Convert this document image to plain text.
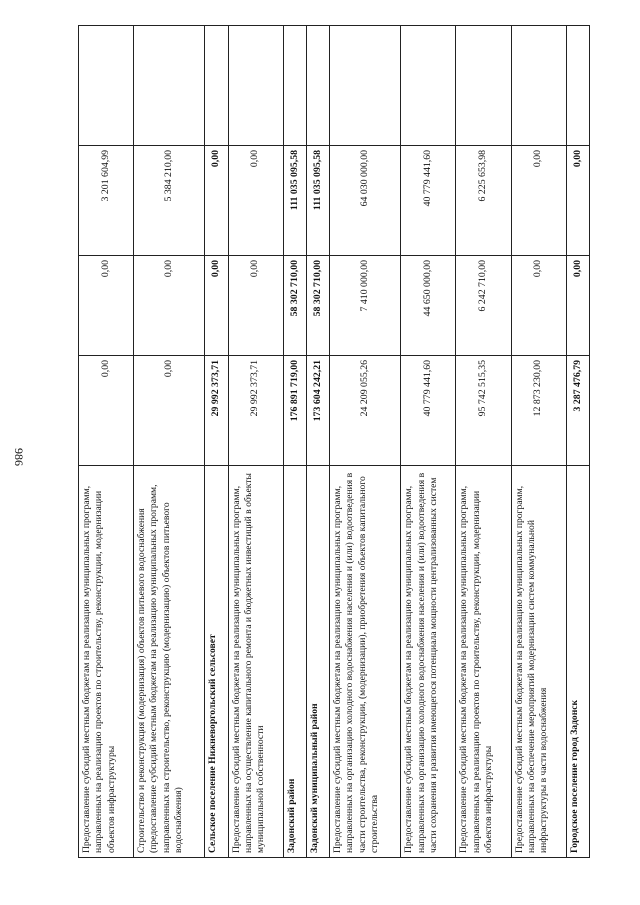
986
Предоставление субсидий местным бюджетам на реализацию муниципальных программ, направленных на реализацию проектов по строительству, реконструкции, модернизации объектов инфраструктуры	0,00	0,00	3 201 604,99	
Строительство и реконструкция (модернизация) объектов питьевого водоснабжения (предоставление субсидий местным бюджетам на реализацию муниципальных программ, направленных на строительство, реконструкцию (модернизацию) объектов питьевого водоснабжения)	0,00	0,00	5 384 210,00	
Сельское поселение Нижневоргольский сельсовет	29 992 373,71	0,00	0,00	
Предоставление субсидий местным бюджетам на реализацию муниципальных программ, направленных на осуществление капитального ремонта и бюджетных инвестиций в объекты муниципальной собственности	29 992 373,71	0,00	0,00	
Задонский район	176 891 719,00	58 302 710,00	111 035 095,58	
Задонский муниципальный район	173 604 242,21	58 302 710,00	111 035 095,58	
Предоставление субсидий местным бюджетам на реализацию муниципальных программ, направленных на организацию холодного водоснабжения населения и (или) водоотведения в части строительства, реконструкции, (модернизации), приобретения объектов капитального строительства	24 209 055,26	7 410 000,00	64 030 000,00	
Предоставление субсидий местным бюджетам на реализацию муниципальных программ, направленных на организацию холодного водоснабжения населения и (или) водоотведения в части сохранения и развития имеющегося потенциала мощности централизованных систем	40 779 441,60	44 650 000,00	40 779 441,60	
Предоставление субсидий местным бюджетам на реализацию муниципальных программ, направленных на реализацию проектов по строительству, реконструкции, модернизации объектов инфраструктуры	95 742 515,35	6 242 710,00	6 225 653,98	
Предоставление субсидий местным бюджетам на реализацию муниципальных программ, направленных на обеспечение мероприятий модернизации систем коммунальной инфраструктуры в части водоснабжения	12 873 230,00	0,00	0,00	
Городское поселение город Задонск	3 287 476,79	0,00	0,00	
